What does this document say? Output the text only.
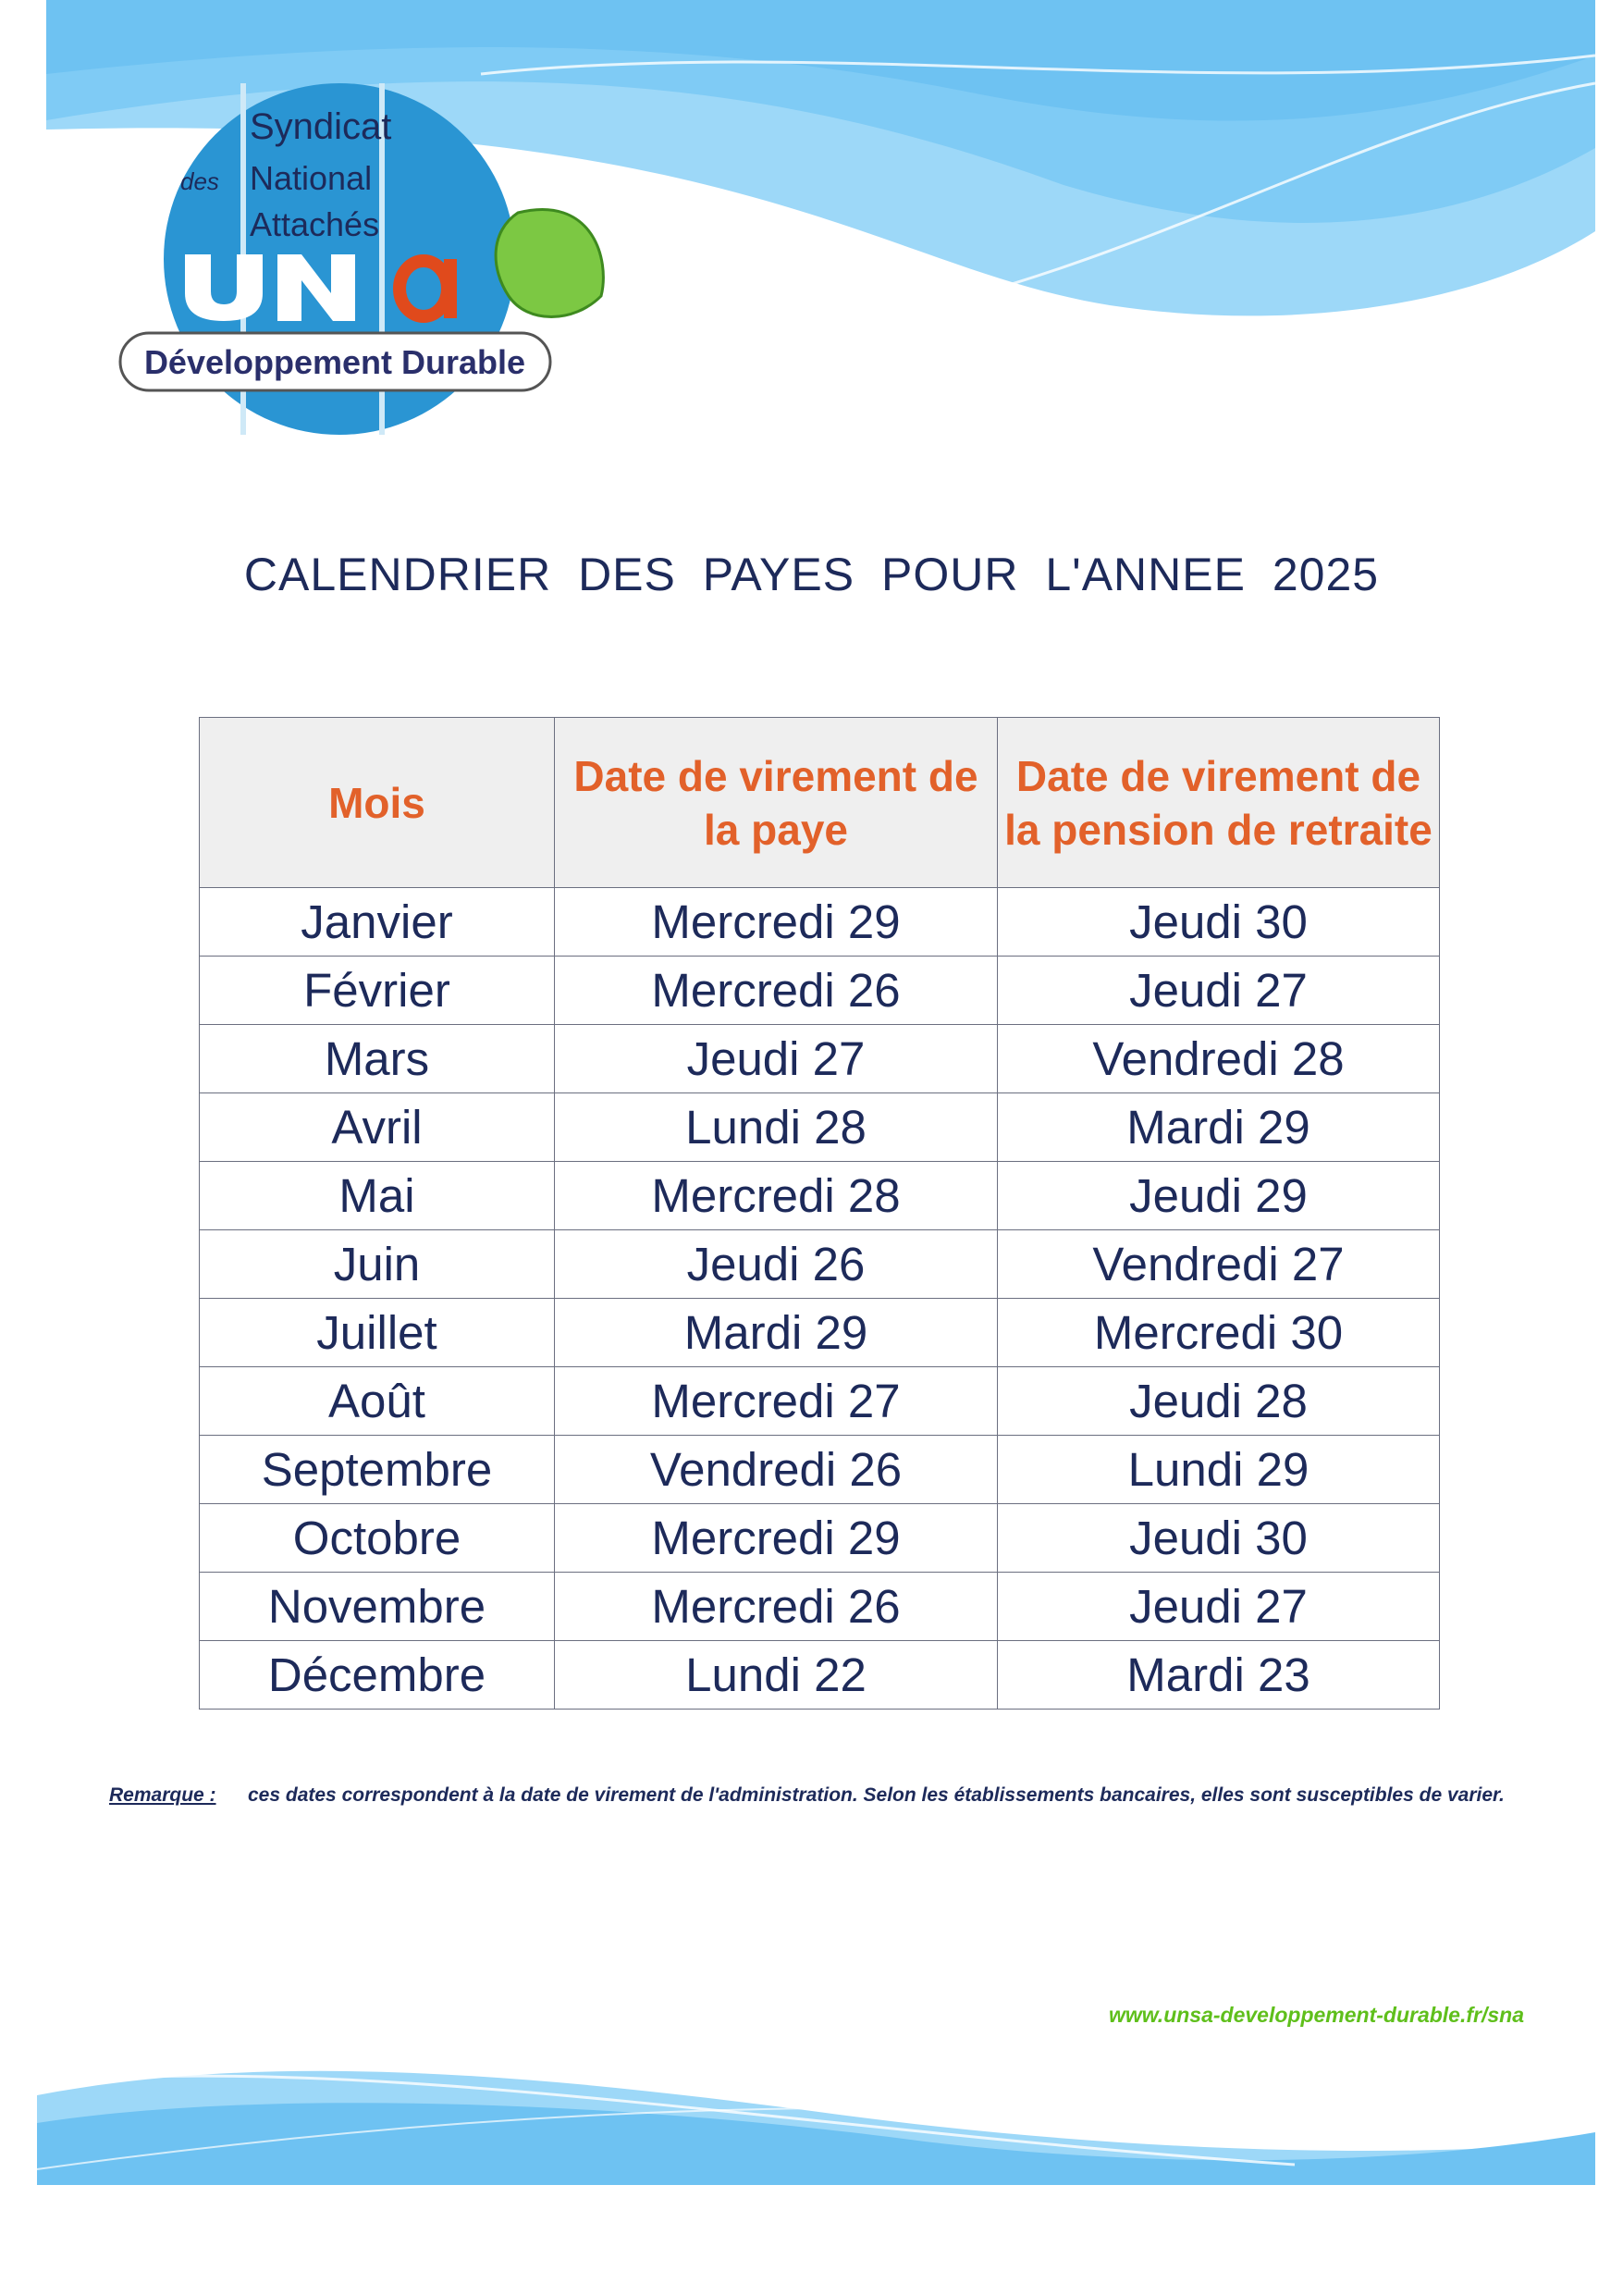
Syndicat
des National
Attachés
Développement Durable
CALENDRIER DES PAYES POUR L'ANNEE 2025
Mois	Date de virement de la paye	Date de virement de la pension de retraite
Janvier	Mercredi 29	Jeudi 30
Février	Mercredi 26	Jeudi 27
Mars	Jeudi 27	Vendredi 28
Avril	Lundi 28	Mardi 29
Mai	Mercredi 28	Jeudi 29
Juin	Jeudi 26	Vendredi 27
Juillet	Mardi 29	Mercredi 30
Août	Mercredi 27	Jeudi 28
Septembre	Vendredi 26	Lundi 29
Octobre	Mercredi 29	Jeudi 30
Novembre	Mercredi 26	Jeudi 27
Décembre	Lundi 22	Mardi 23
Remarque :	ces dates correspondent à la date de virement de l'administration. Selon les établissements bancaires, elles sont susceptibles de varier.
www.unsa-developpement-durable.fr/sna
